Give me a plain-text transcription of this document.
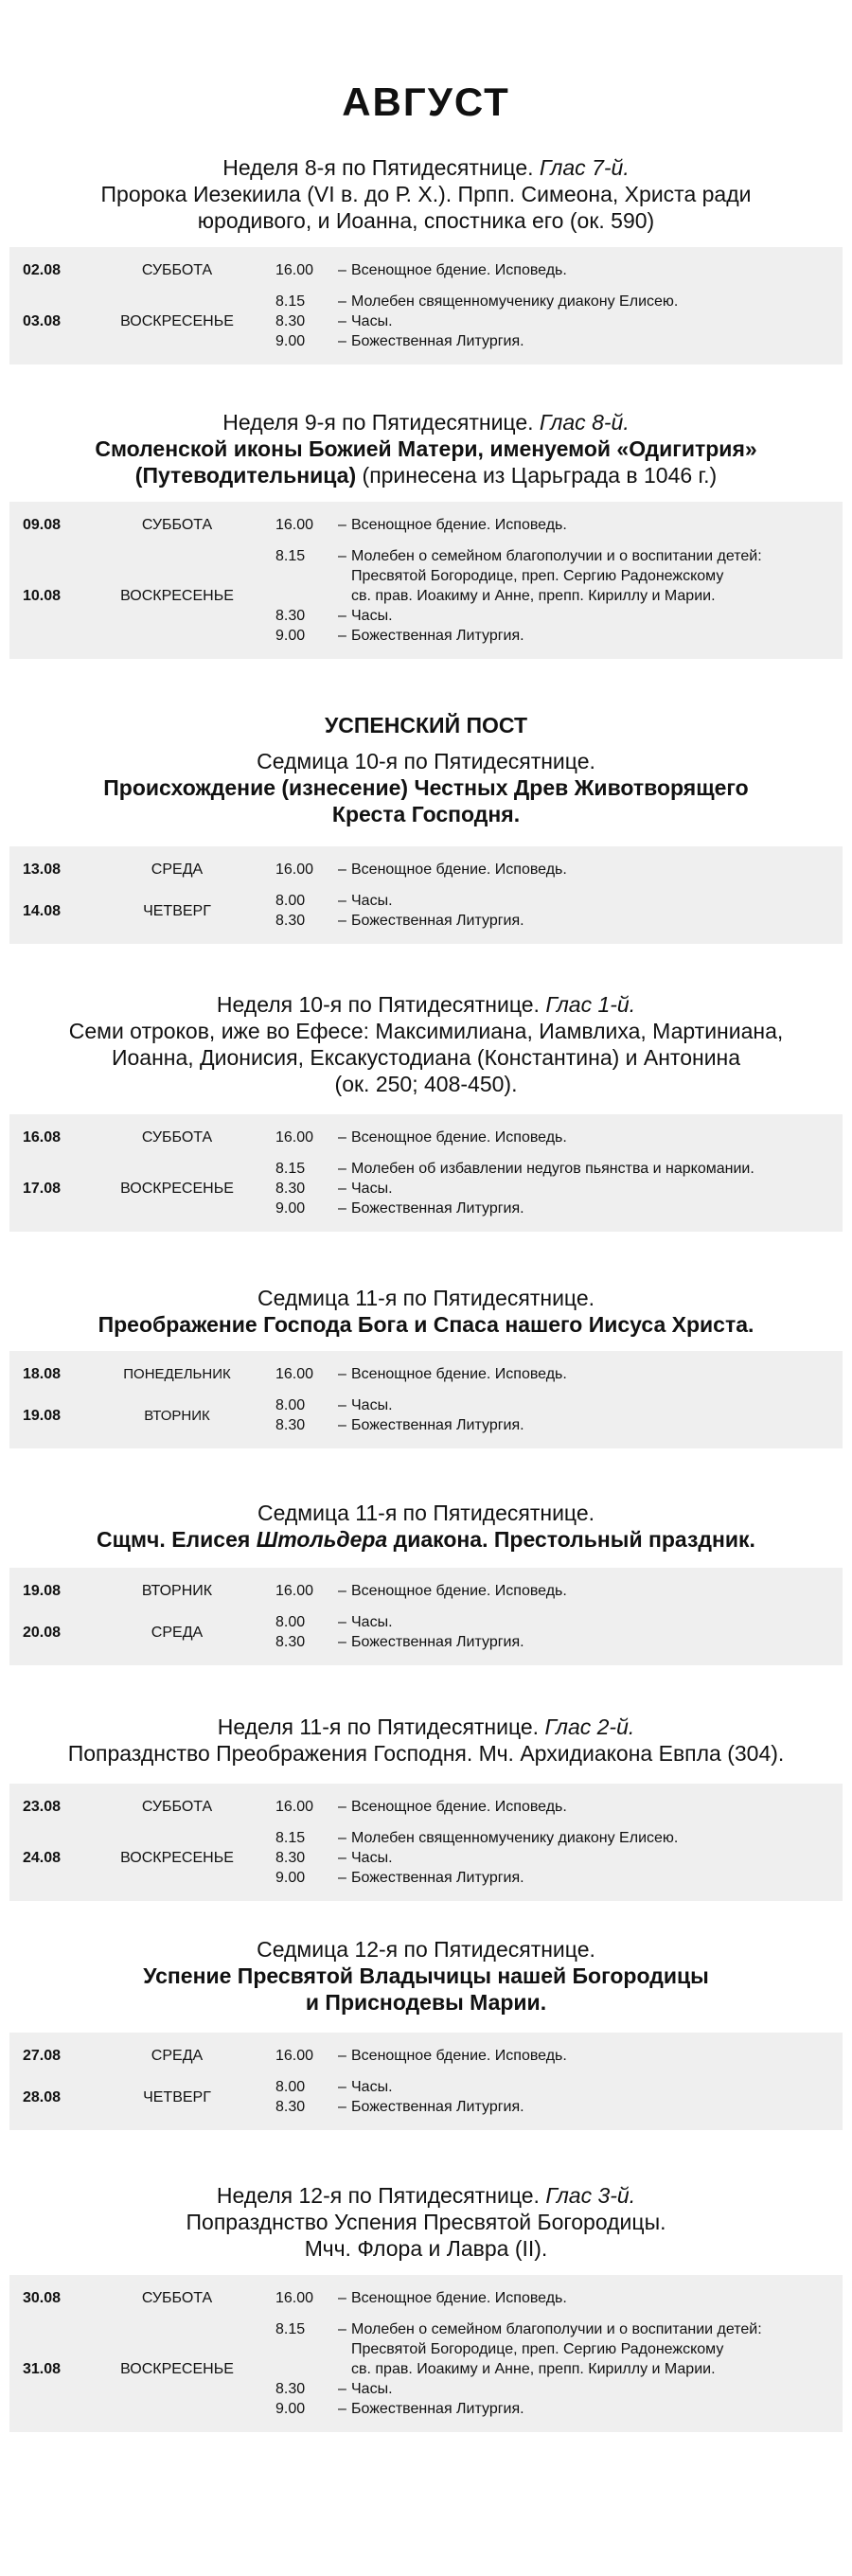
АВГУСТ
Неделя 8-я по Пятидесятнице. Глас 7-й.
Пророка Иезекиила (VI в. до Р. Х.). Прпп. Симеона, Христа ради
юродивого, и Иоанна, спостника его (ок. 590)
02.08	СУББОТА	16.00	– Всенощное бдение. Исповедь.
03.08	ВОСКРЕСЕНЬЕ
8.15	– Молебен священномученику диакону Елисею.
8.30	– Часы.
9.00	– Божественная Литургия.
Неделя 9-я по Пятидесятнице. Глас 8-й.
Смоленской иконы Божией Матери, именуемой «Одигитрия»
(Путеводительница) (принесена из Царьграда в 1046 г.)
09.08	СУББОТА	16.00	– Всенощное бдение. Исповедь.
10.08	ВОСКРЕСЕНЬЕ
8.15	– Молебен о семейном благополучии и о воспитании детей:
Пресвятой Богородице, преп. Сергию Радонежскому
св. прав. Иоакиму и Анне, препп. Кириллу и Марии.
8.30	– Часы.
9.00	– Божественная Литургия.
УСПЕНСКИЙ ПОСТ
Седмица 10-я по Пятидесятнице.
Происхождение (изнесение) Честных Древ Животворящего
Креста Господня.
13.08	СРЕДА	16.00	– Всенощное бдение. Исповедь.
14.08	ЧЕТВЕРГ
8.00	– Часы.
8.30	– Божественная Литургия.
Неделя 10-я по Пятидесятнице. Глас 1-й.
Семи отроков, иже во Ефесе: Максимилиана, Иамвлиха, Мартиниана,
Иоанна, Дионисия, Ексакустодиана (Константина) и Антонина
(ок. 250; 408-450).
16.08	СУББОТА	16.00	– Всенощное бдение. Исповедь.
17.08	ВОСКРЕСЕНЬЕ
8.15	– Молебен об избавлении недугов пьянства и наркомании.
8.30	– Часы.
9.00	– Божественная Литургия.
Седмица 11-я по Пятидесятнице.
Преображение Господа Бога и Спаса нашего Иисуса Христа.
18.08	ПОНЕДЕЛЬНИК	16.00	– Всенощное бдение. Исповедь.
19.08	ВТОРНИК
8.00	– Часы.
8.30	– Божественная Литургия.
Седмица 11-я по Пятидесятнице.
Сщмч. Елисея Штольдера диакона. Престольный праздник.
19.08	ВТОРНИК	16.00	– Всенощное бдение. Исповедь.
20.08	СРЕДА
8.00	– Часы.
8.30	– Божественная Литургия.
Неделя 11-я по Пятидесятнице. Глас 2-й.
Попразднство Преображения Господня. Мч. Архидиакона Евпла (304).
23.08	СУББОТА	16.00	– Всенощное бдение. Исповедь.
24.08	ВОСКРЕСЕНЬЕ
8.15	– Молебен священномученику диакону Елисею.
8.30	– Часы.
9.00	– Божественная Литургия.
Седмица 12-я по Пятидесятнице.
Успение Пресвятой Владычицы нашей Богородицы
и Приснодевы Марии.
27.08	СРЕДА	16.00	– Всенощное бдение. Исповедь.
28.08	ЧЕТВЕРГ
8.00	– Часы.
8.30	– Божественная Литургия.
Неделя 12-я по Пятидесятнице. Глас 3-й.
Попразднство Успения Пресвятой Богородицы.
Мчч. Флора и Лавра (II).
30.08	СУББОТА	16.00	– Всенощное бдение. Исповедь.
31.08	ВОСКРЕСЕНЬЕ
8.15	– Молебен о семейном благополучии и о воспитании детей:
Пресвятой Богородице, преп. Сергию Радонежскому
св. прав. Иоакиму и Анне, препп. Кириллу и Марии.
8.30	– Часы.
9.00	– Божественная Литургия.
